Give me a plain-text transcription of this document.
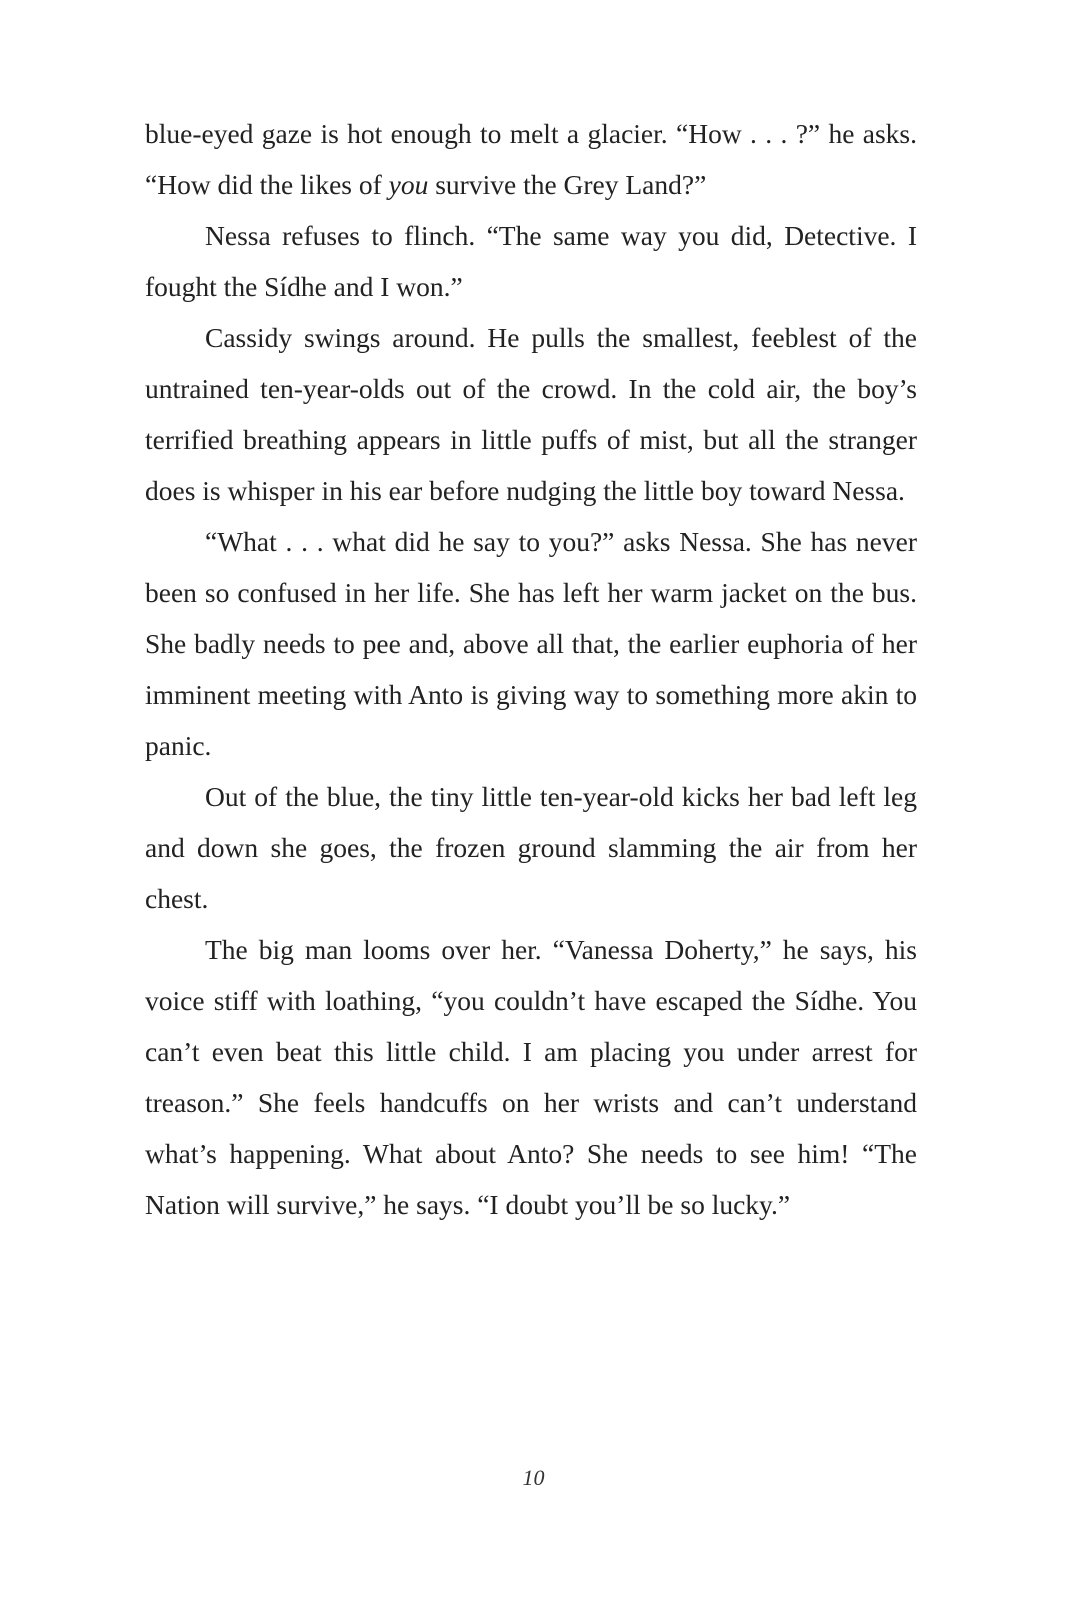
blue-eyed gaze is hot enough to melt a glacier. “How . . . ?” he asks. “How did the likes of you survive the Grey Land?”

Nessa refuses to flinch. “The same way you did, Detective. I fought the Sídhe and I won.”

Cassidy swings around. He pulls the smallest, feeblest of the untrained ten-year-olds out of the crowd. In the cold air, the boy’s terrified breathing appears in little puffs of mist, but all the stranger does is whisper in his ear before nudging the little boy toward Nessa.

“What . . . what did he say to you?” asks Nessa. She has never been so confused in her life. She has left her warm jacket on the bus. She badly needs to pee and, above all that, the earlier euphoria of her imminent meeting with Anto is giving way to something more akin to panic.

Out of the blue, the tiny little ten-year-old kicks her bad left leg and down she goes, the frozen ground slamming the air from her chest.

The big man looms over her. “Vanessa Doherty,” he says, his voice stiff with loathing, “you couldn’t have escaped the Sídhe. You can’t even beat this little child. I am placing you under arrest for treason.” She feels handcuffs on her wrists and can’t understand what’s happening. What about Anto? She needs to see him! “The Nation will survive,” he says. “I doubt you’ll be so lucky.”

10
